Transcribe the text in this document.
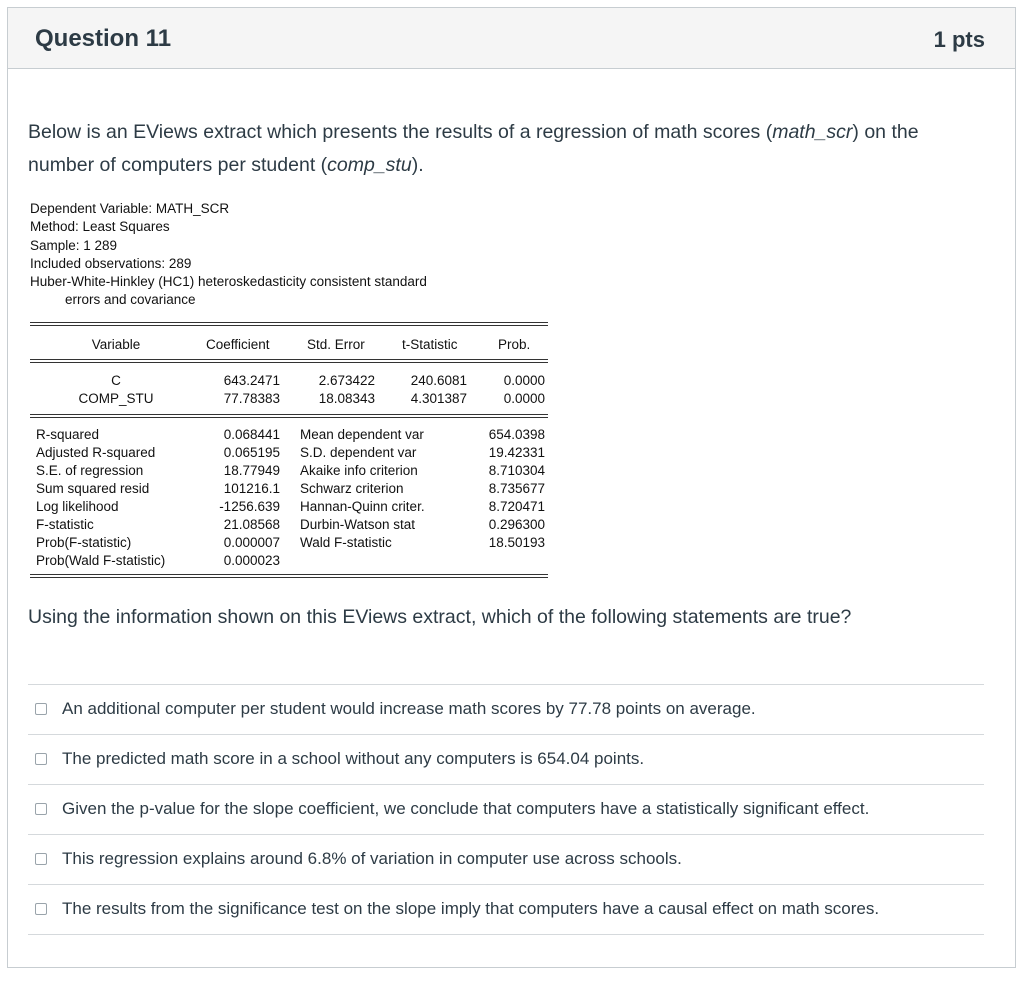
Question 11	1 pts
Below is an EViews extract which presents the results of a regression of math scores (math_scr) on the number of computers per student (comp_stu).
Dependent Variable: MATH_SCR
Method: Least Squares
Sample: 1 289
Included observations: 289
Huber-White-Hinkley (HC1) heteroskedasticity consistent standard
errors and covariance
Variable	Coefficient	Std. Error	t-Statistic	Prob.
C	643.2471	2.673422	240.6081	0.0000
COMP_STU	77.78383	18.08343	4.301387	0.0000
R-squared	0.068441 Mean dependent var	654.0398
Adjusted R-squared	0.065195 S.D. dependent var	19.42331
S.E. of regression	18.77949 Akaike info criterion	8.710304
Sum squared resid	101216.1 Schwarz criterion	8.735677
Log likelihood	-1256.639 Hannan-Quinn criter.	8.720471
F-statistic	21.08568 Durbin-Watson stat	0.296300
Prob(F-statistic)	0.000007 Wald F-statistic	18.50193
Prob(Wald F-statistic)	0.000023
Using the information shown on this EViews extract, which of the following statements are true?
An additional computer per student would increase math scores by 77.78 points on average.
The predicted math score in a school without any computers is 654.04 points.
Given the p-value for the slope coefficient, we conclude that computers have a statistically significant effect.
This regression explains around 6.8% of variation in computer use across schools.
The results from the significance test on the slope imply that computers have a causal effect on math scores.
